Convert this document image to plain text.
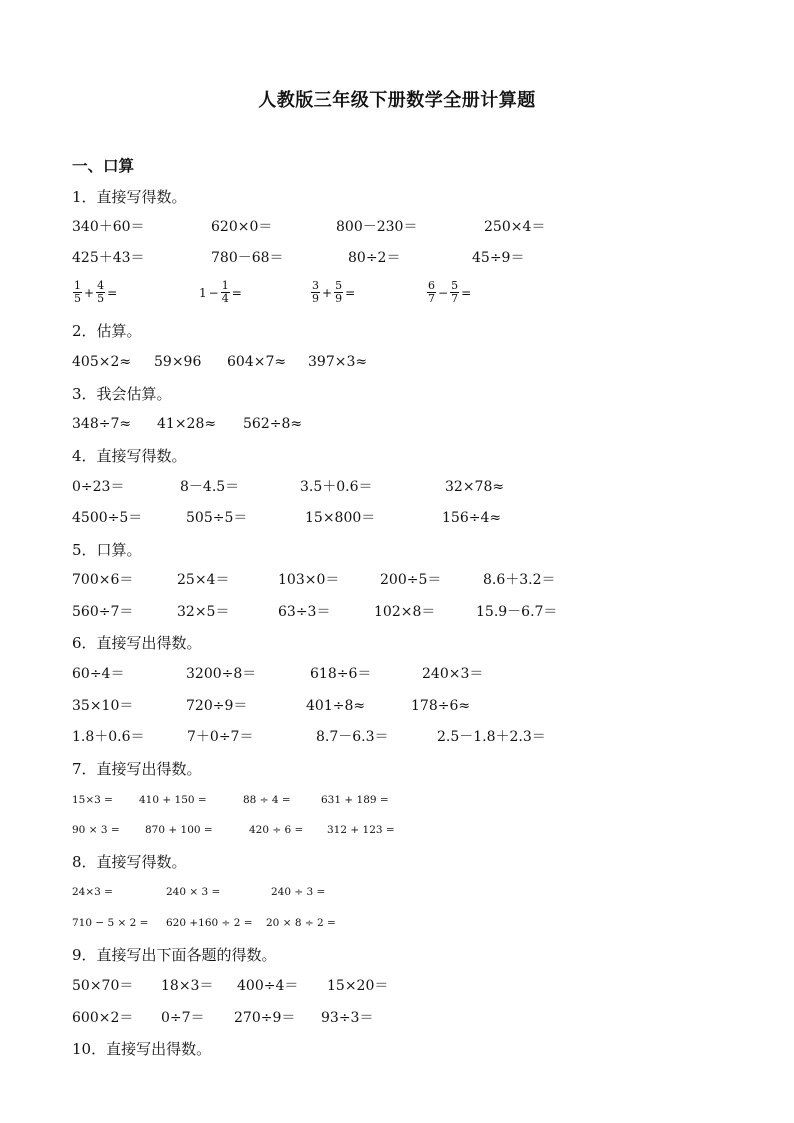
人教版三年级下册数学全册计算题
一、口算
1．直接写得数。
340＋60＝	620×0＝	800－230＝	250×4＝
425＋43＝	780－68＝	80÷2＝	45÷9＝
$\frac{1}{5} + \frac{4}{5}$ =	$1 - \frac{1}{4}$ =	$\frac{3}{9} + \frac{5}{9}$ =	$\frac{6}{7} - \frac{5}{7}$ =
2．估算。
405×2≈ 59×96 604×7≈ 397×3≈
3．我会估算。
348÷7≈ 41×28≈ 562÷8≈
4．直接写得数。
0÷23＝	8－4.5＝	3.5＋0.6＝	32×78≈
4500÷5＝	505÷5＝	15×800＝	156÷4≈
5．口算。
700×6＝	25×4＝	103×0＝	200÷5＝	8.6＋3.2＝
560÷7＝	32×5＝	63÷3＝	102×8＝	15.9－6.7＝
6．直接写出得数。
60÷4＝	3200÷8＝	618÷6＝	240×3＝
35×10＝	720÷9＝	401÷8≈	178÷6≈
1.8＋0.6＝	7＋0÷7＝	8.7－6.3＝	2.5－1.8＋2.3＝
7．直接写出得数。
15×3 = 410 + 150 =	88 ÷ 4 =	631 + 189 =
90 × 3 = 870 + 100 =	420 ÷ 6 = 312 + 123 =
8．直接写得数。
24×3 =	240 × 3 =	240 ÷ 3 =
710 − 5 × 2 = 620 +160 ÷ 2 = 20 × 8 ÷ 2 =
9．直接写出下面各题的得数。
50×70＝ 18×3＝ 400÷4＝ 15×20＝
600×2＝ 0÷7＝ 270÷9＝ 93÷3＝
10．直接写出得数。
